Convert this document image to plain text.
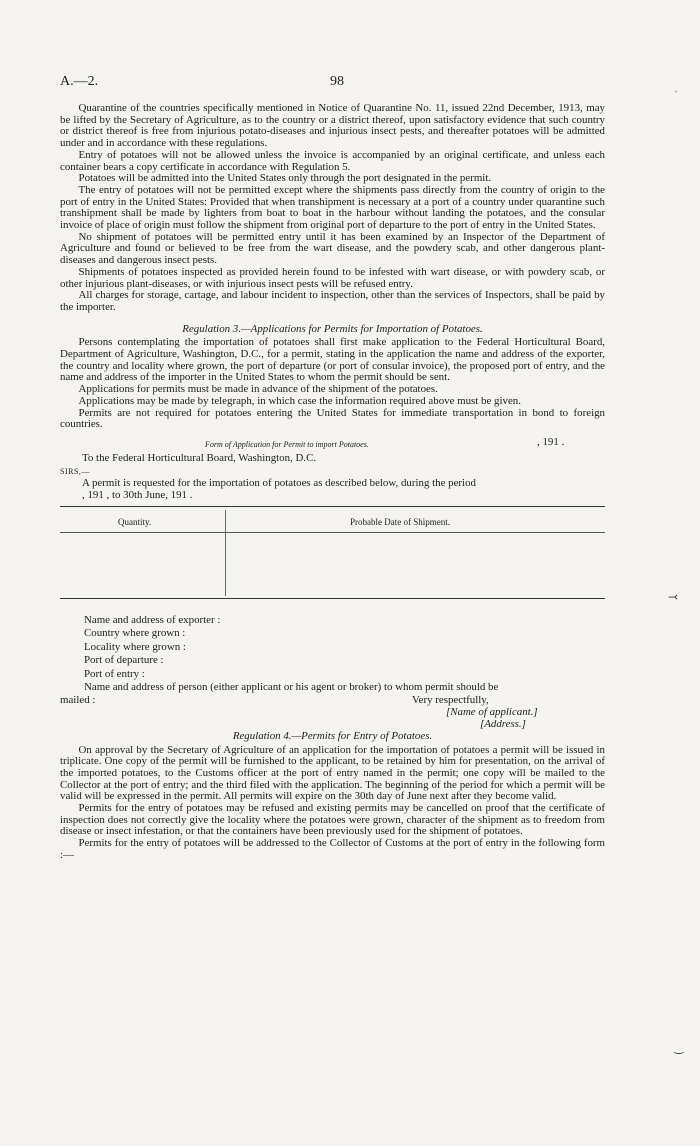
A.—2.	98

Quarantine of the countries specifically mentioned in Notice of Quarantine No. 11, issued 22nd December, 1913, may be lifted by the Secretary of Agriculture, as to the country or a district thereof, upon satisfactory evidence that such country or district thereof is free from injurious potato-diseases and injurious insect pests, and thereafter potatoes will be admitted under and in accordance with these regulations.

Entry of potatoes will not be allowed unless the invoice is accompanied by an original certificate, and unless each container bears a copy certificate in accordance with Regulation 5.

Potatoes will be admitted into the United States only through the port designated in the permit.

The entry of potatoes will not be permitted except where the shipments pass directly from the country of origin to the port of entry in the United States: Provided that when transhipment is necessary at a port of a country under quarantine such transhipment shall be made by lighters from boat to boat in the harbour without landing the potatoes, and the consular invoice of place of origin must follow the shipment from original port of departure to the port of entry in the United States.

No shipment of potatoes will be permitted entry until it has been examined by an Inspector of the Department of Agriculture and found or believed to be free from the wart disease, and the powdery scab, and other dangerous plant-diseases and dangerous insect pests.

Shipments of potatoes inspected as provided herein found to be infested with wart disease, or with powdery scab, or other injurious plant-diseases, or with injurious insect pests will be refused entry.

All charges for storage, cartage, and labour incident to inspection, other than the services of Inspectors, shall be paid by the importer.

Regulation 3.—Applications for Permits for Importation of Potatoes.

Persons contemplating the importation of potatoes shall first make application to the Federal Horticultural Board, Department of Agriculture, Washington, D.C., for a permit, stating in the application the name and address of the exporter, the country and locality where grown, the port of departure (or port of consular invoice), the proposed port of entry, and the name and address of the importer in the United States to whom the permit should be sent.

Applications for permits must be made in advance of the shipment of the potatoes.

Applications may be made by telegraph, in which case the information required above must be given.

Permits are not required for potatoes entering the United States for immediate transportation in bond to foreign countries.

Form of Application for Permit to import Potatoes.	, 191 .

To the Federal Horticultural Board, Washington, D.C.

SIRS,—

A permit is requested for the importation of potatoes as described below, during the period

, 191 , to 30th June, 191 .

Quantity.	Probable Date of Shipment.

Name and address of exporter :

Country where grown :

Locality where grown :

Port of departure :

Port of entry :

Name and address of person (either applicant or his agent or broker) to whom permit should be

mailed :	Very respectfully,
[Name of applicant.]
[Address.]

Regulation 4.—Permits for Entry of Potatoes.

On approval by the Secretary of Agriculture of an application for the importation of potatoes a permit will be issued in triplicate. One copy of the permit will be furnished to the applicant, to be retained by him for presentation, on the arrival of the imported potatoes, to the Customs officer at the port of entry named in the permit; one copy will be mailed to the Collector at the port of entry; and the third filed with the application. The beginning of the period for which a permit will be valid will be expressed in the permit. All permits will expire on the 30th day of June next after they become valid.

Permits for the entry of potatoes may be refused and existing permits may be cancelled on proof that the certificate of inspection does not correctly give the locality where the potatoes were grown, character of the shipment as to freedom from disease or insect infestation, or that the containers have been previously used for the shipment of potatoes.

Permits for the entry of potatoes will be addressed to the Collector of Customs at the port of entry in the following form :—

ˈ
⤙
‿
